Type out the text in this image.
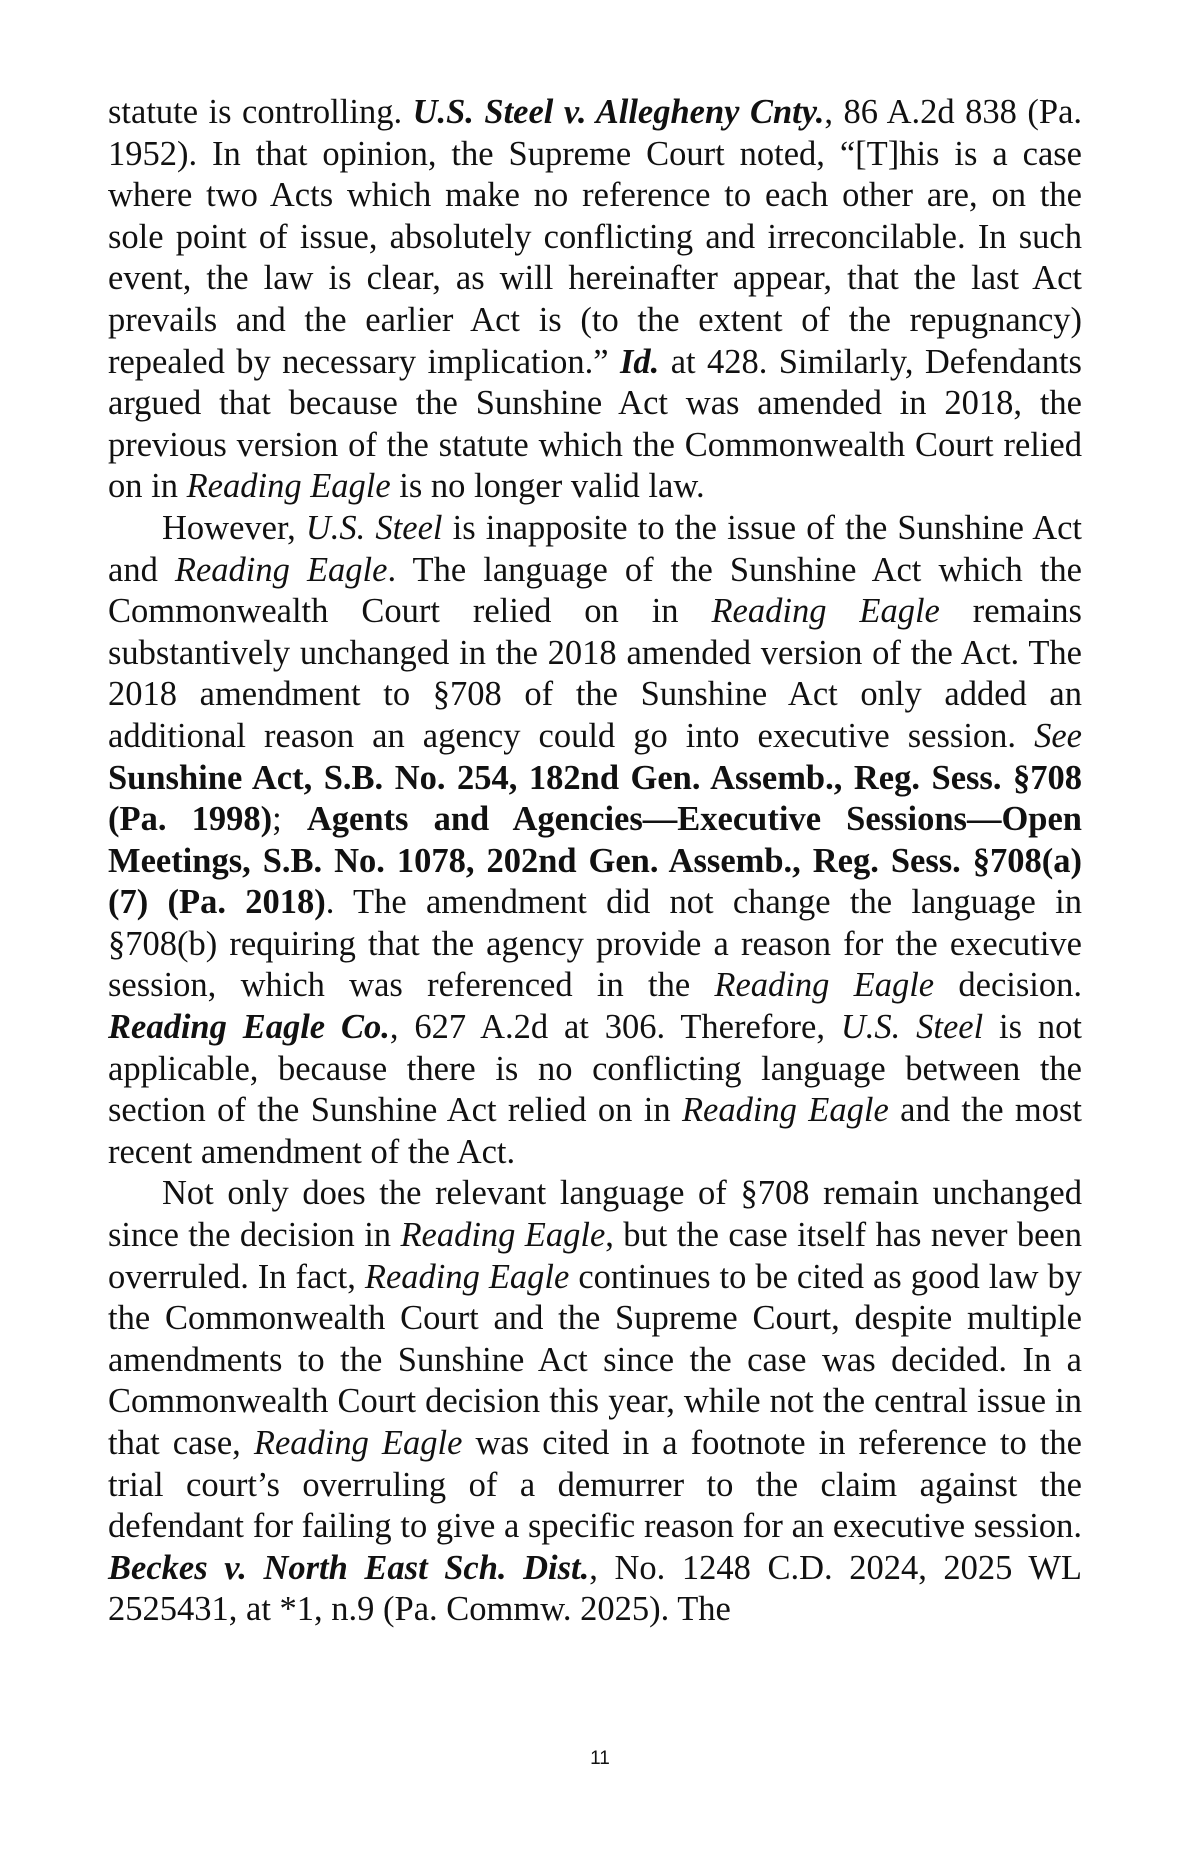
statute is controlling. U.S. Steel v. Allegheny Cnty., 86 A.2d 838 (Pa. 1952). In that opinion, the Supreme Court noted, “[T]his is a case where two Acts which make no reference to each other are, on the sole point of issue, absolutely conflicting and irreconcilable. In such event, the law is clear, as will hereinafter appear, that the last Act prevails and the earlier Act is (to the extent of the repugnancy) repealed by necessary implication.” Id. at 428. Similarly, Defendants argued that because the Sunshine Act was amended in 2018, the previous version of the statute which the Commonwealth Court relied on in Reading Eagle is no longer valid law.

However, U.S. Steel is inapposite to the issue of the Sunshine Act and Reading Eagle. The language of the Sunshine Act which the Commonwealth Court relied on in Reading Eagle remains substantively unchanged in the 2018 amended version of the Act. The 2018 amendment to §708 of the Sunshine Act only added an additional reason an agency could go into executive session. See Sunshine Act, S.B. No. 254, 182nd Gen. Assemb., Reg. Sess. §708 (Pa. 1998); Agents and Agencies—Executive Sessions—Open Meetings, S.B. No. 1078, 202nd Gen. Assemb., Reg. Sess. §708(a)(7) (Pa. 2018). The amendment did not change the language in §708(b) requiring that the agency provide a reason for the executive session, which was referenced in the Reading Eagle decision. Reading Eagle Co., 627 A.2d at 306. Therefore, U.S. Steel is not applicable, because there is no conflicting language between the section of the Sunshine Act relied on in Reading Eagle and the most recent amendment of the Act.

Not only does the relevant language of §708 remain unchanged since the decision in Reading Eagle, but the case itself has never been overruled. In fact, Reading Eagle continues to be cited as good law by the Commonwealth Court and the Supreme Court, despite multiple amendments to the Sunshine Act since the case was decided. In a Commonwealth Court decision this year, while not the central issue in that case, Reading Eagle was cited in a footnote in reference to the trial court’s overruling of a demurrer to the claim against the defendant for failing to give a specific reason for an executive session. Beckes v. North East Sch. Dist., No. 1248 C.D. 2024, 2025 WL 2525431, at *1, n.9 (Pa. Commw. 2025). The

11
